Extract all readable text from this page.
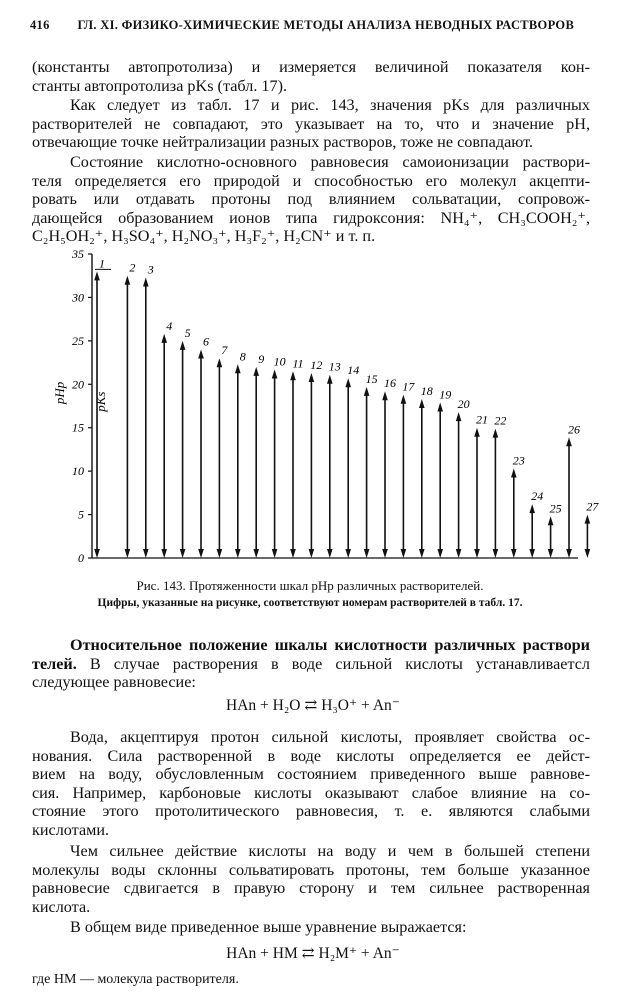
416 ГЛ. XI. ФИЗИКО-ХИМИЧЕСКИЕ МЕТОДЫ АНАЛИЗА НЕВОДНЫХ РАСТВОРОВ
(константы автопротолиза) и измеряется величиной показателя кон-
станты автопротолиза pKs (табл. 17).
Как следует из табл. 17 и рис. 143, значения pKs для различных
растворителей не совпадают, это указывает на то, что и значение pH,
отвечающие точке нейтрализации разных растворов, тоже не совпадают.
Состояние кислотно-основного равновесия самоионизации раствори-
теля определяется его природой и способностью его молекул акцепти-
ровать или отдавать протоны под влиянием сольватации, сопровож-
дающейся образованием ионов типа гидроксония: NH₄⁺, CH₃COOH₂⁺,
C₂H₅OH₂⁺, H₃SO₄⁺, H₂NO₃⁺, H₃F₂⁺, H₂CN⁺ и т. п.
0
5
10
15
20
25
30
35
pHр pKs
1 2 3
4 5
6
7 8 9 10 11 12 13 14
15 16 17 18 19
20
21 22
23
24
25
26
27
Рис. 143. Протяженности шкал pHр различных растворителей.
Цифры, указанные на рисунке, соответствуют номерам растворителей в табл. 17.
Относительное положение шкалы кислотности различных раствори
телей. В случае растворения в воде сильной кислоты устанавливаетсл
следующее равновесие:
HAn + H₂O ⇄ H₃O⁺ + An⁻
Вода, акцептируя протон сильной кислоты, проявляет свойства ос-
нования. Сила растворенной в воде кислоты определяется ее дейст-
вием на воду, обусловленным состоянием приведенного выше равнове-
сия. Например, карбоновые кислоты оказывают слабое влияние на со-
стояние этого протолитического равновесия, т. е. являются слабыми
кислотами.
Чем сильнее действие кислоты на воду и чем в большей степени
молекулы воды склонны сольватировать протоны, тем больше указанное
равновесие сдвигается в правую сторону и тем сильнее растворенная
кислота.
В общем виде приведенное выше уравнение выражается:
HAn + HM ⇄ H₂M⁺ + An⁻
где НМ — молекула растворителя.
